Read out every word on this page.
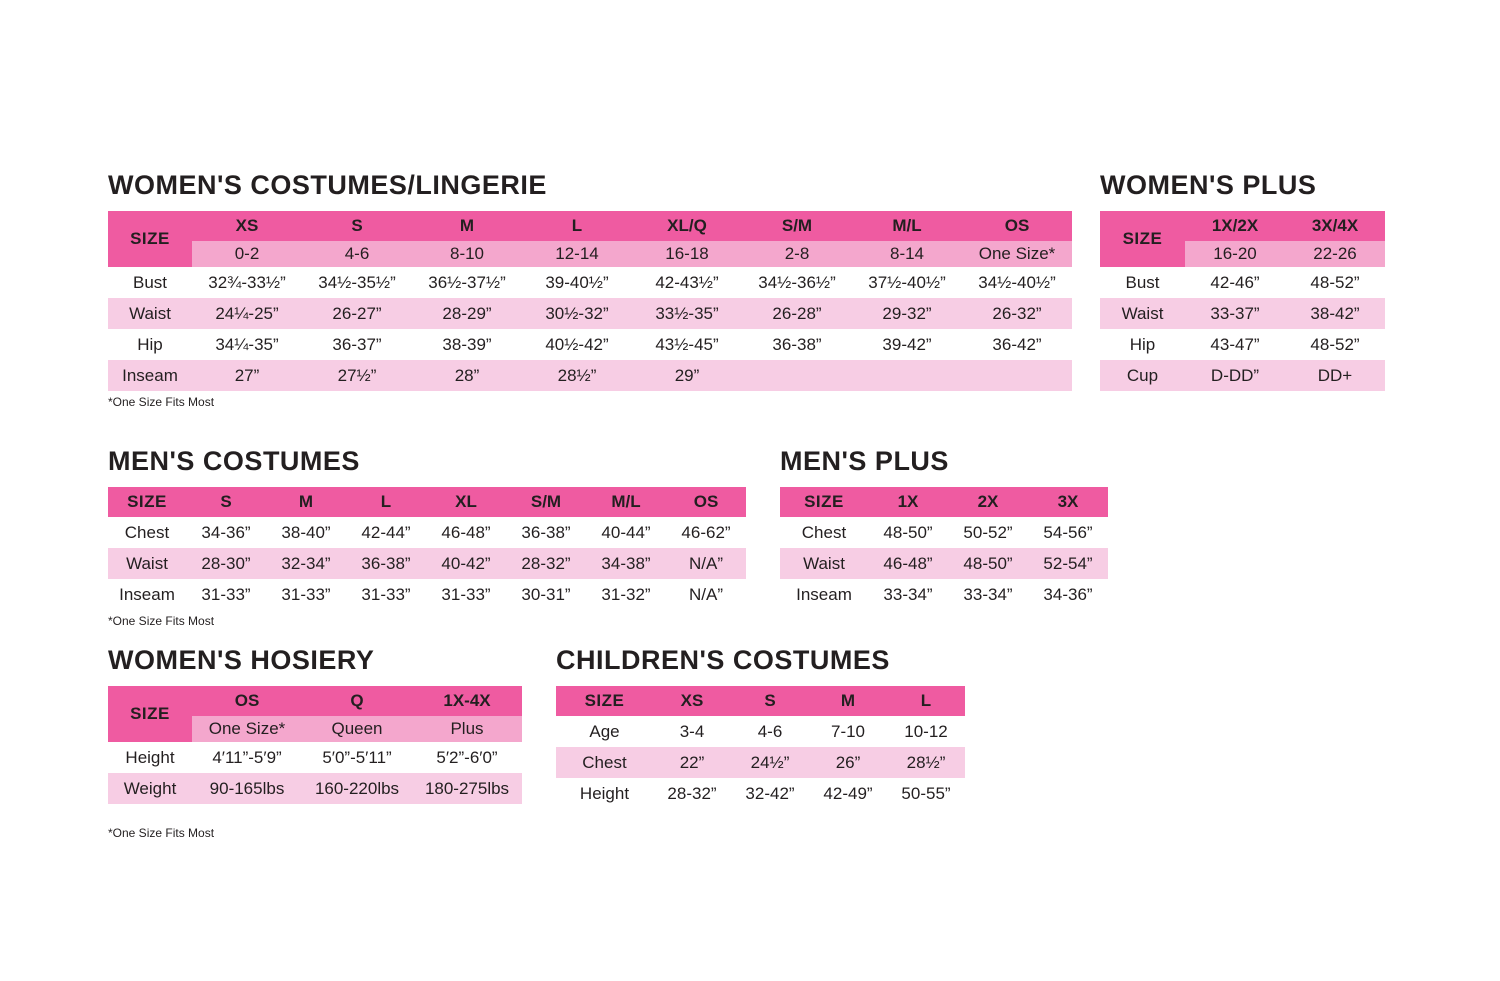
WOMEN'S COSTUMES/LINGERIE
SIZE	XS	S	M	L	XL/Q	S/M	M/L	OS
	0-2	4-6	8-10	12-14	16-18	2-8	8-14	One Size*
Bust	32¾-33½”	34½-35½”	36½-37½”	39-40½”	42-43½”	34½-36½”	37½-40½”	34½-40½”
Waist	24¼-25”	26-27”	28-29”	30½-32”	33½-35”	26-28”	29-32”	26-32”
Hip	34¼-35”	36-37”	38-39”	40½-42”	43½-45”	36-38”	39-42”	36-42”
Inseam	27”	27½”	28”	28½”	29”			
*One Size Fits Most
WOMEN'S PLUS
SIZE	1X/2X	3X/4X
	16-20	22-26
Bust	42-46”	48-52”
Waist	33-37”	38-42”
Hip	43-47”	48-52”
Cup	D-DD”	DD+
MEN'S COSTUMES
SIZE	S	M	L	XL	S/M	M/L	OS
Chest	34-36”	38-40”	42-44”	46-48”	36-38”	40-44”	46-62”
Waist	28-30”	32-34”	36-38”	40-42”	28-32”	34-38”	N/A”
Inseam	31-33”	31-33”	31-33”	31-33”	30-31”	31-32”	N/A”
*One Size Fits Most
MEN'S PLUS
SIZE	1X	2X	3X
Chest	48-50”	50-52”	54-56”
Waist	46-48”	48-50”	52-54”
Inseam	33-34”	33-34”	34-36”
WOMEN'S HOSIERY
SIZE	OS	Q	1X-4X
	One Size*	Queen	Plus
Height	4′11”-5′9”	5′0”-5′11”	5′2”-6′0”
Weight	90-165lbs	160-220lbs	180-275lbs
*One Size Fits Most
CHILDREN'S COSTUMES
SIZE	XS	S	M	L
Age	3-4	4-6	7-10	10-12
Chest	22”	24½”	26”	28½”
Height	28-32”	32-42”	42-49”	50-55”
